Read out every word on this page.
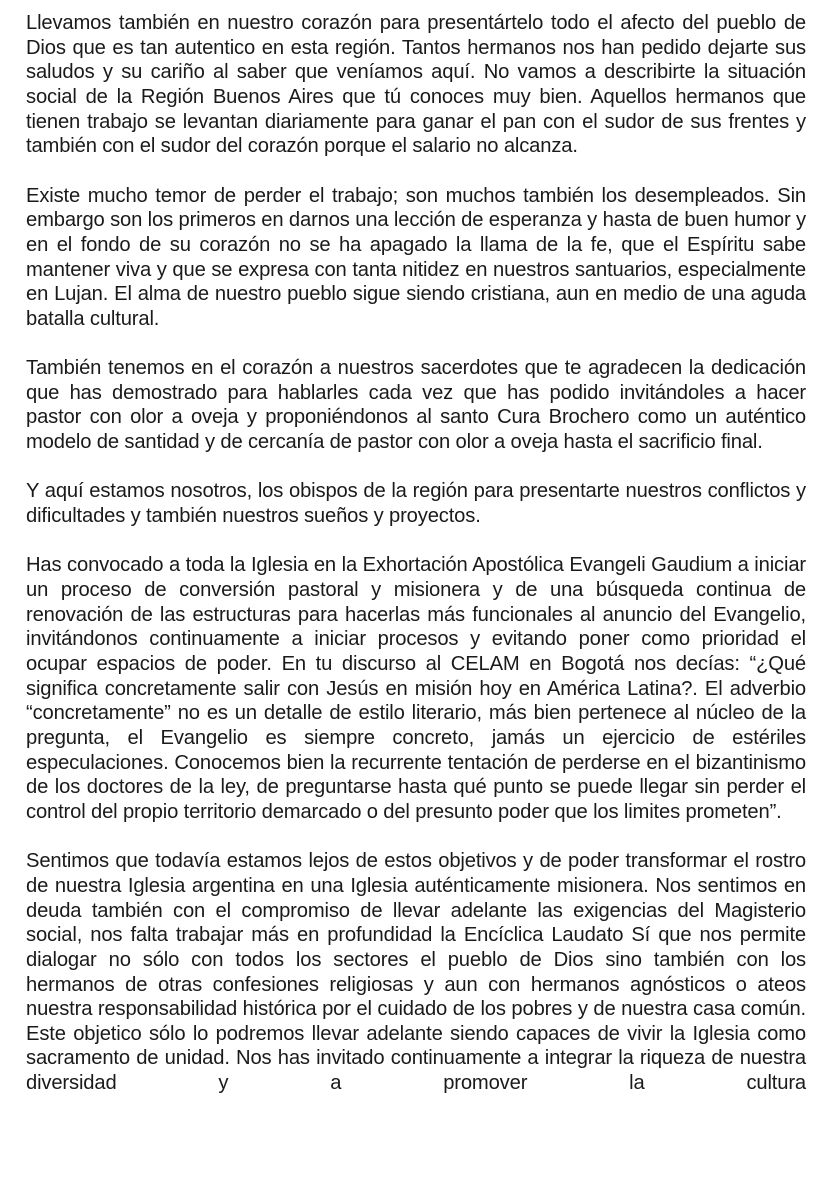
Llevamos también en nuestro corazón para presentártelo todo el afecto del pueblo de Dios que es tan autentico en esta región. Tantos hermanos nos han pedido dejarte sus saludos y su cariño al saber que veníamos aquí. No vamos a describirte la situación social de la Región Buenos Aires que tú conoces muy bien. Aquellos hermanos que tienen trabajo se levantan diariamente para ganar el pan con el sudor de sus frentes y también con el sudor del corazón porque el salario no alcanza.

Existe mucho temor de perder el trabajo; son muchos también los desempleados. Sin embargo son los primeros en darnos una lección de esperanza y hasta de buen humor y en el fondo de su corazón no se ha apagado la llama de la fe, que el Espíritu sabe mantener viva y que se expresa con tanta nitidez en nuestros santuarios, especialmente en Lujan. El alma de nuestro pueblo sigue siendo cristiana, aun en medio de una aguda batalla cultural.

También tenemos en el corazón a nuestros sacerdotes que te agradecen la dedicación que has demostrado para hablarles cada vez que has podido invitándoles a hacer pastor con olor a oveja y proponiéndonos al santo Cura Brochero como un auténtico modelo de santidad y de cercanía de pastor con olor a oveja hasta el sacrificio final.

Y aquí estamos nosotros, los obispos de la región para presentarte nuestros conflictos y dificultades y también nuestros sueños y proyectos.

Has convocado a toda la Iglesia en la Exhortación Apostólica Evangeli Gaudium a iniciar un proceso de conversión pastoral y misionera y de una búsqueda continua de renovación de las estructuras para hacerlas más funcionales al anuncio del Evangelio, invitándonos continuamente a iniciar procesos y evitando poner como prioridad el ocupar espacios de poder. En tu discurso al CELAM en Bogotá nos decías: “¿Qué significa concretamente salir con Jesús en misión hoy en América Latina?. El adverbio “concretamente” no es un detalle de estilo literario, más bien pertenece al núcleo de la pregunta, el Evangelio es siempre concreto, jamás un ejercicio de estériles especulaciones. Conocemos bien la recurrente tentación de perderse en el bizantinismo de los doctores de la ley, de preguntarse hasta qué punto se puede llegar sin perder el control del propio territorio demarcado o del presunto poder que los limites prometen”.

Sentimos que todavía estamos lejos de estos objetivos y de poder transformar el rostro de nuestra Iglesia argentina en una Iglesia auténticamente misionera. Nos sentimos en deuda también con el compromiso de llevar adelante las exigencias del Magisterio social, nos falta trabajar más en profundidad la Encíclica Laudato Sí que nos permite dialogar no sólo con todos los sectores el pueblo de Dios sino también con los hermanos de otras confesiones religiosas y aun con hermanos agnósticos o ateos nuestra responsabilidad histórica por el cuidado de los pobres y de nuestra casa común. Este objetico sólo lo podremos llevar adelante siendo capaces de vivir la Iglesia como sacramento de unidad. Nos has invitado continuamente a integrar la riqueza de nuestra diversidad y a promover la cultura
